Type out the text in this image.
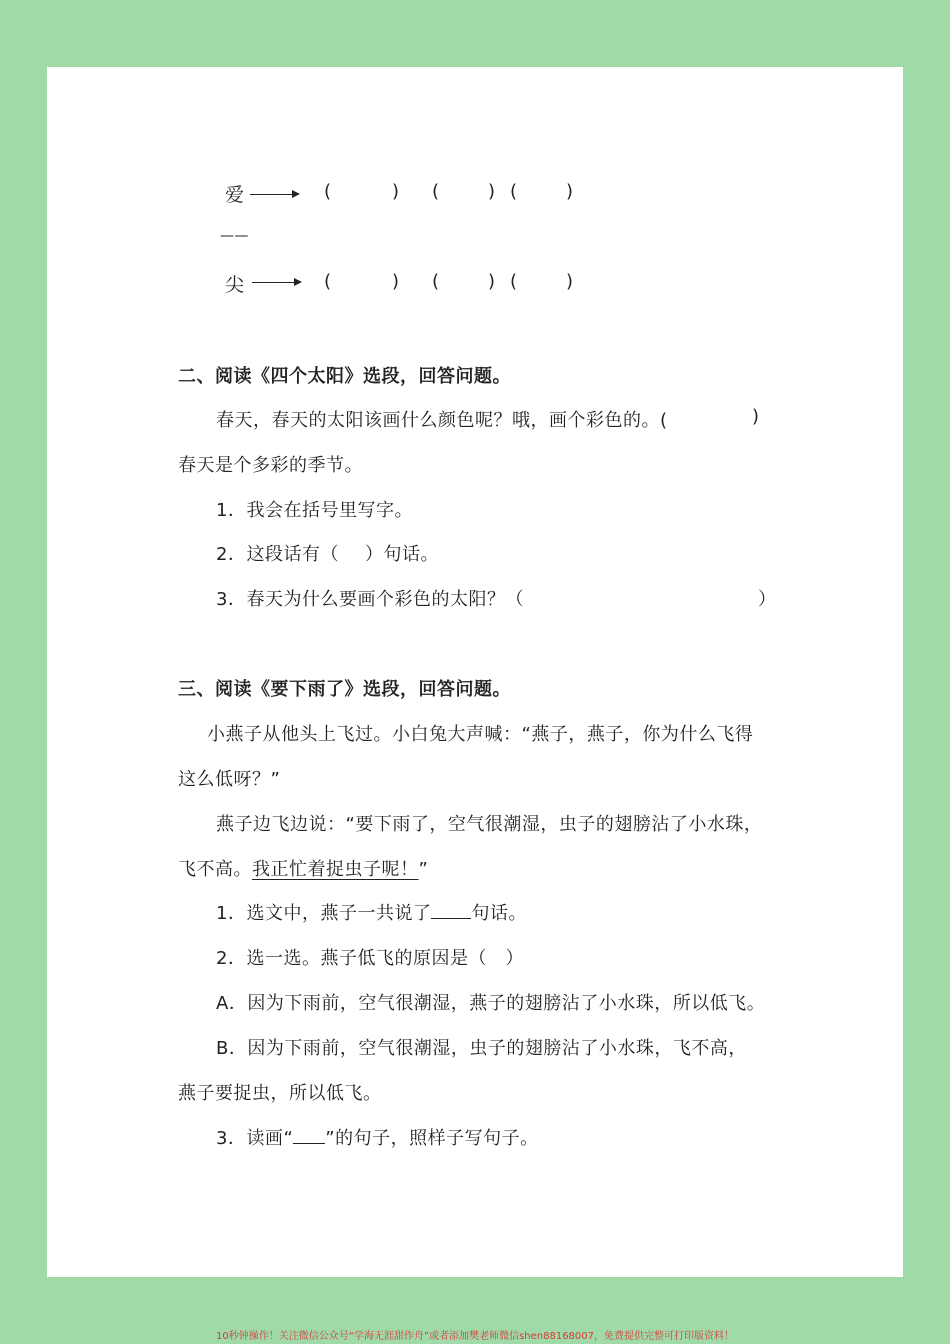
爱	(	) (	) (	)
——
尖	(	) (	) (	)
二、阅读《四个太阳》选段，回答问题。
春天，春天的太阳该画什么颜色呢？哦，画个彩色的。(	)
春天是个多彩的季节。
1．我会在括号里写字。
2．这段话有（ ）句话。
3．春天为什么要画个彩色的太阳？（	）
三、阅读《要下雨了》选段，回答问题。
小燕子从他头上飞过。小白兔大声喊：“燕子，燕子，你为什么飞得
这么低呀？”
燕子边飞边说：“要下雨了，空气很潮湿，虫子的翅膀沾了小水珠，
飞不高。我正忙着捉虫子呢！”
1．选文中，燕子一共说了 句话。
2．选一选。燕子低飞的原因是（　）
A．因为下雨前，空气很潮湿，燕子的翅膀沾了小水珠，所以低飞。
B．因为下雨前，空气很潮湿，虫子的翅膀沾了小水珠，飞不高，
燕子要捉虫，所以低飞。
3．读画“ ”的句子，照样子写句子。
10秒钟操作！关注微信公众号“学海无涯甜作舟”或者添加樊老师微信shen88168007，免费提供完整可打印版资料！
